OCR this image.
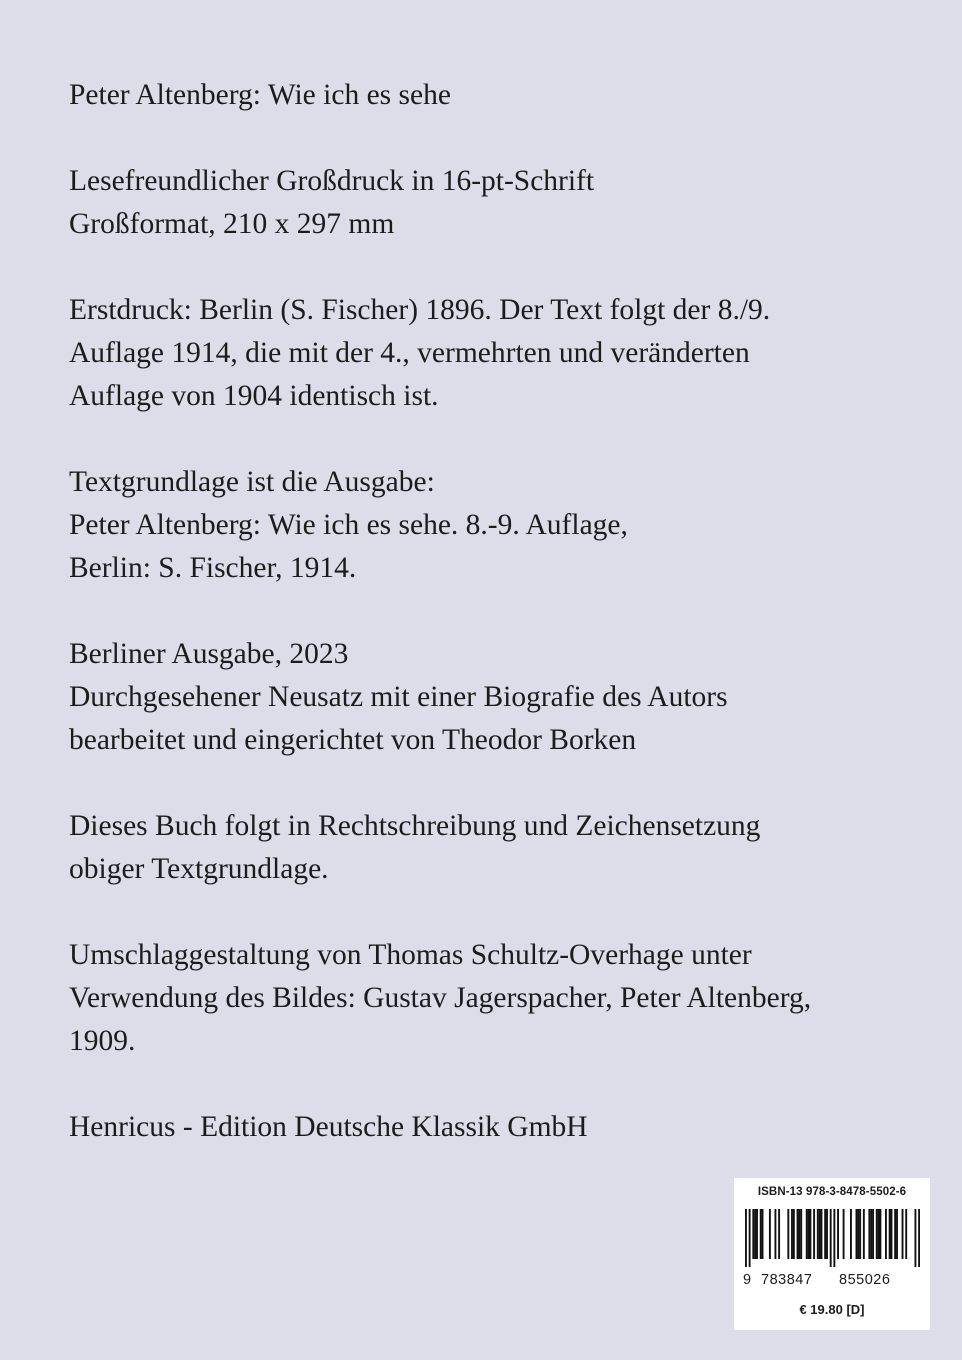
Peter Altenberg: Wie ich es sehe

Lesefreundlicher Großdruck in 16-pt-Schrift
Großformat, 210 x 297 mm

Erstdruck: Berlin (S. Fischer) 1896. Der Text folgt der 8./9.
Auflage 1914, die mit der 4., vermehrten und veränderten
Auflage von 1904 identisch ist.

Textgrundlage ist die Ausgabe:
Peter Altenberg: Wie ich es sehe. 8.-9. Auflage,
Berlin: S. Fischer, 1914.

Berliner Ausgabe, 2023
Durchgesehener Neusatz mit einer Biografie des Autors
bearbeitet und eingerichtet von Theodor Borken

Dieses Buch folgt in Rechtschreibung und Zeichensetzung
obiger Textgrundlage.

Umschlaggestaltung von Thomas Schultz-Overhage unter
Verwendung des Bildes: Gustav Jagerspacher, Peter Altenberg,
1909.

Henricus - Edition Deutsche Klassik GmbH

ISBN-13 978-3-8478-5502-6
9 783847 855026
€ 19.80 [D]
